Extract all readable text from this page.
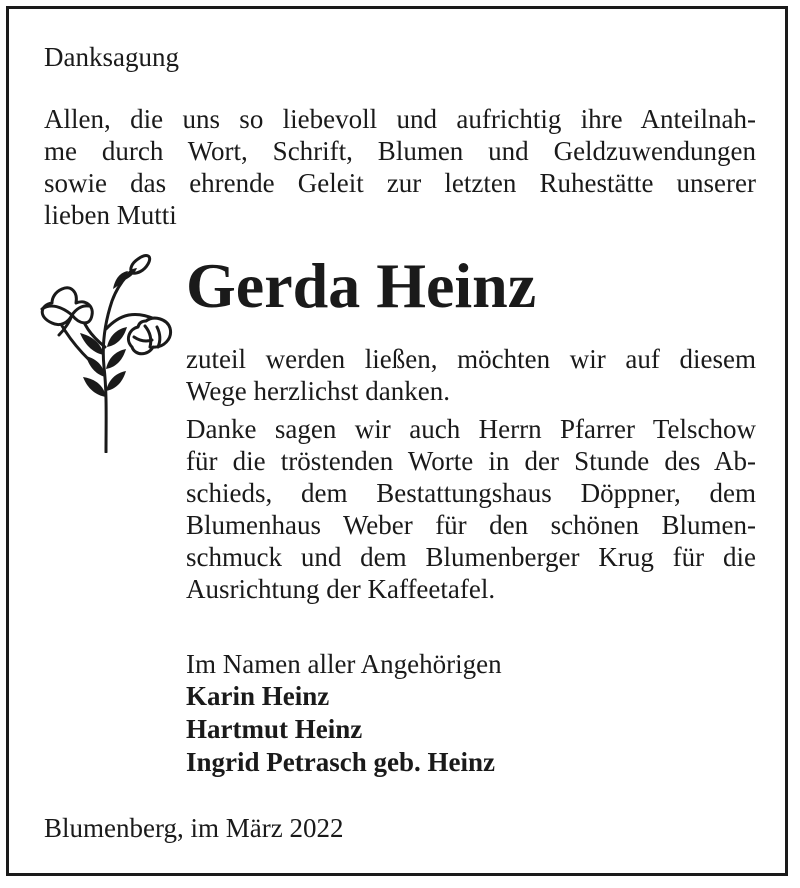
Danksagung
Allen, die uns so liebevoll und aufrichtig ihre Anteilnah-
me durch Wort, Schrift, Blumen und Geldzuwendungen
sowie das ehrende Geleit zur letzten Ruhestätte unserer
lieben Mutti
Gerda Heinz
zuteil werden ließen, möchten wir auf diesem
Wege herzlichst danken.
Danke sagen wir auch Herrn Pfarrer Telschow
für die tröstenden Worte in der Stunde des Ab-
schieds, dem Bestattungshaus Döppner, dem
Blumenhaus Weber für den schönen Blumen-
schmuck und dem Blumenberger Krug für die
Ausrichtung der Kaffeetafel.
Im Namen aller Angehörigen
Karin Heinz
Hartmut Heinz
Ingrid Petrasch geb. Heinz
Blumenberg, im März 2022
